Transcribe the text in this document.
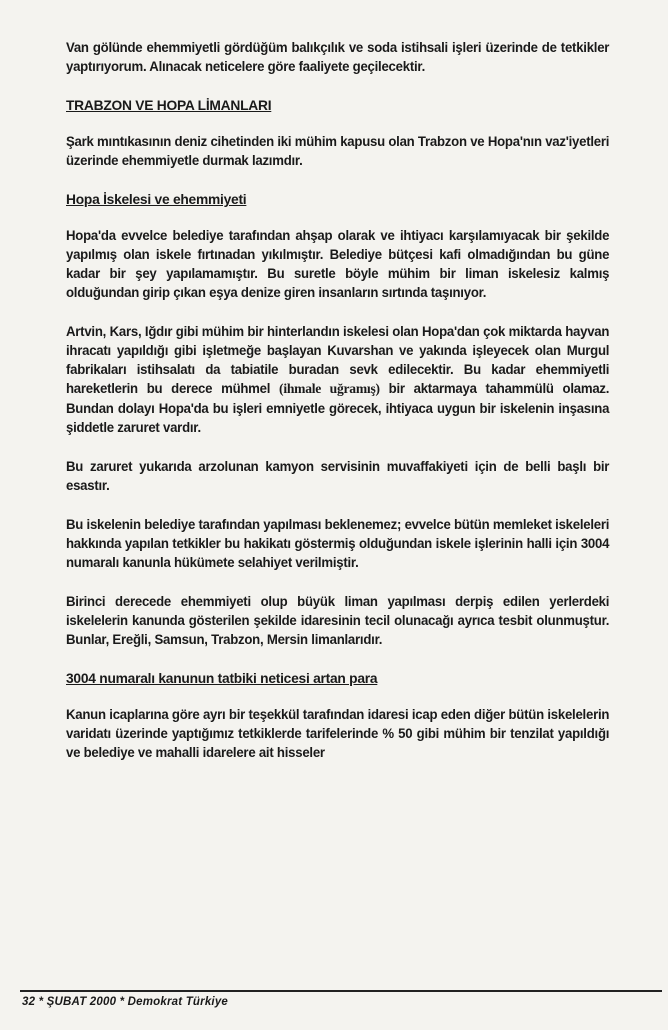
Van gölünde ehemmiyetli gördüğüm balıkçılık ve soda istihsali işleri üzerinde de tetkikler yaptırıyorum. Alınacak neticelere göre faaliyete geçilecektir.

TRABZON VE HOPA LİMANLARI

Şark mıntıkasının deniz cihetinden iki mühim kapusu olan Trabzon ve Hopa'nın vaz'iyetleri üzerinde ehemmiyetle durmak lazımdır.

Hopa İskelesi ve ehemmiyeti

Hopa'da evvelce belediye tarafından ahşap olarak ve ihtiyacı karşılamıyacak bir şekilde yapılmış olan iskele fırtınadan yıkılmıştır. Belediye bütçesi kafi olmadığından bu güne kadar bir şey yapılamamıştır. Bu suretle böyle mühim bir liman iskelesiz kalmış olduğundan girip çıkan eşya denize giren insanların sırtında taşınıyor.

Artvin, Kars, Iğdır gibi mühim bir hinterlandın iskelesi olan Hopa'dan çok miktarda hayvan ihracatı yapıldığı gibi işletmeğe başlayan Kuvarshan ve yakında işleyecek olan Murgul fabrikaları istihsalatı da tabiatile buradan sevk edilecektir. Bu kadar ehemmiyetli hareketlerin bu derece mühmel (ihmale uğramış) bir aktarmaya tahammülü olamaz. Bundan dolayı Hopa'da bu işleri emniyetle görecek, ihtiyaca uygun bir iskelenin inşasına şiddetle zaruret vardır.

Bu zaruret yukarıda arzolunan kamyon servisinin muvaffakiyeti için de belli başlı bir esastır.

Bu iskelenin belediye tarafından yapılması beklenemez; evvelce bütün memleket iskeleleri hakkında yapılan tetkikler bu hakikatı göstermiş olduğundan iskele işlerinin halli için 3004 numaralı kanunla hükümete selahiyet verilmiştir.

Birinci derecede ehemmiyeti olup büyük liman yapılması derpiş edilen yerlerdeki iskelelerin kanunda gösterilen şekilde idaresinin tecil olunacağı ayrıca tesbit olunmuştur. Bunlar, Ereğli, Samsun, Trabzon, Mersin limanlarıdır.

3004 numaralı kanunun tatbiki neticesi artan para

Kanun icaplarına göre ayrı bir teşekkül tarafından idaresi icap eden diğer bütün iskelelerin varidatı üzerinde yaptığımız tetkiklerde tarifelerinde % 50 gibi mühim bir tenzilat yapıldığı ve belediye ve mahalli idarelere ait hisseler

32 * ŞUBAT 2000 * Demokrat Türkiye
